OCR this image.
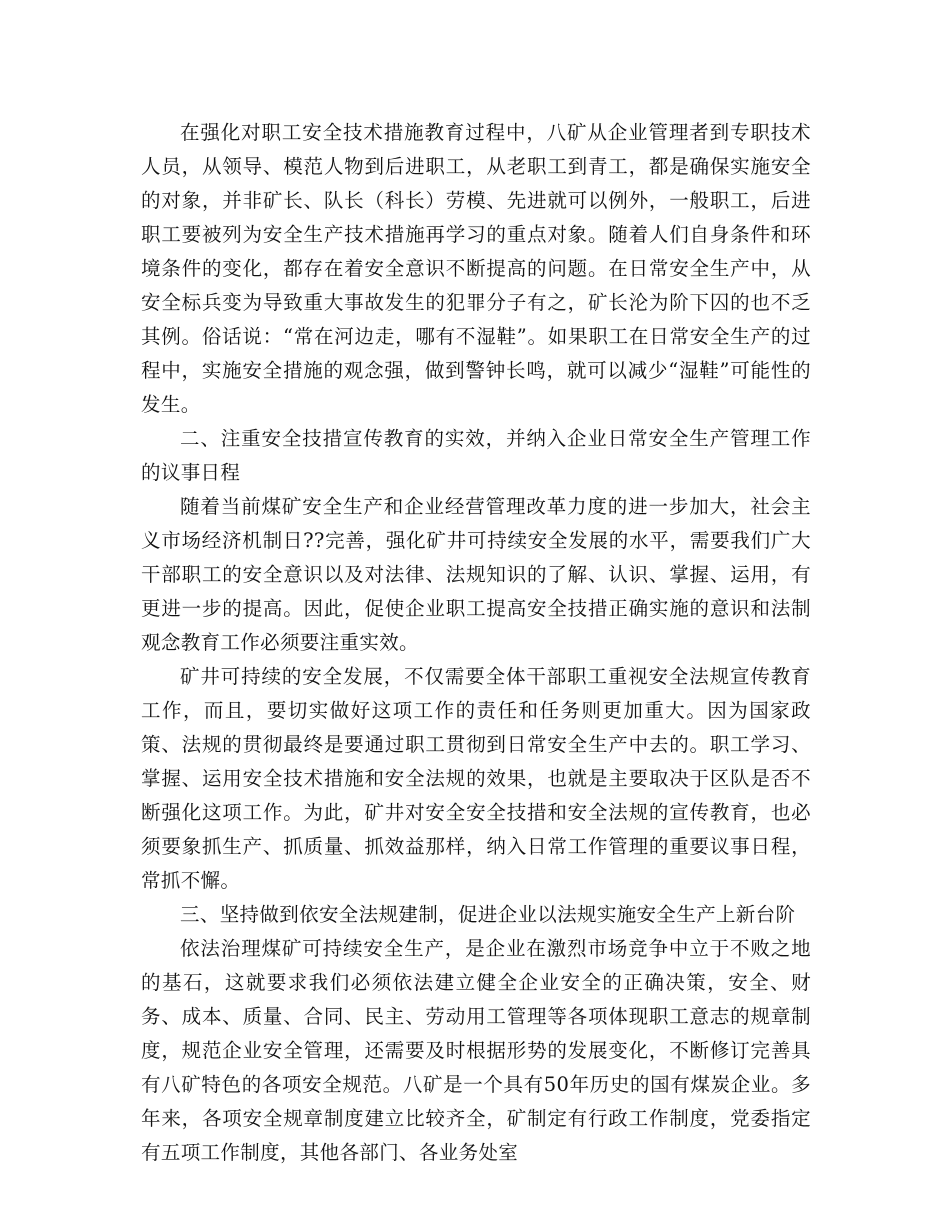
在强化对职工安全技术措施教育过程中，八矿从企业管理者到专职技术人员，从领导、模范人物到后进职工，从老职工到青工，都是确保实施安全的对象，并非矿长、队长（科长）劳模、先进就可以例外，一般职工，后进职工要被列为安全生产技术措施再学习的重点对象。随着人们自身条件和环境条件的变化，都存在着安全意识不断提高的问题。在日常安全生产中，从安全标兵变为导致重大事故发生的犯罪分子有之，矿长沦为阶下囚的也不乏其例。俗话说：“常在河边走，哪有不湿鞋”。如果职工在日常安全生产的过程中，实施安全措施的观念强，做到警钟长鸣，就可以减少“湿鞋”可能性的发生。

二、注重安全技措宣传教育的实效，并纳入企业日常安全生产管理工作的议事日程

随着当前煤矿安全生产和企业经营管理改革力度的进一步加大，社会主义市场经济机制日??完善，强化矿井可持续安全发展的水平，需要我们广大干部职工的安全意识以及对法律、法规知识的了解、认识、掌握、运用，有更进一步的提高。因此，促使企业职工提高安全技措正确实施的意识和法制观念教育工作必须要注重实效。

矿井可持续的安全发展，不仅需要全体干部职工重视安全法规宣传教育工作，而且，要切实做好这项工作的责任和任务则更加重大。因为国家政策、法规的贯彻最终是要通过职工贯彻到日常安全生产中去的。职工学习、掌握、运用安全技术措施和安全法规的效果，也就是主要取决于区队是否不断强化这项工作。为此，矿井对安全安全技措和安全法规的宣传教育，也必须要象抓生产、抓质量、抓效益那样，纳入日常工作管理的重要议事日程，常抓不懈。

三、坚持做到依安全法规建制，促进企业以法规实施安全生产上新台阶

依法治理煤矿可持续安全生产，是企业在激烈市场竞争中立于不败之地的基石，这就要求我们必须依法建立健全企业安全的正确决策，安全、财务、成本、质量、合同、民主、劳动用工管理等各项体现职工意志的规章制度，规范企业安全管理，还需要及时根据形势的发展变化，不断修订完善具有八矿特色的各项安全规范。八矿是一个具有50年历史的国有煤炭企业。多年来，各项安全规章制度建立比较齐全，矿制定有行政工作制度，党委指定有五项工作制度，其他各部门、各业务处室
